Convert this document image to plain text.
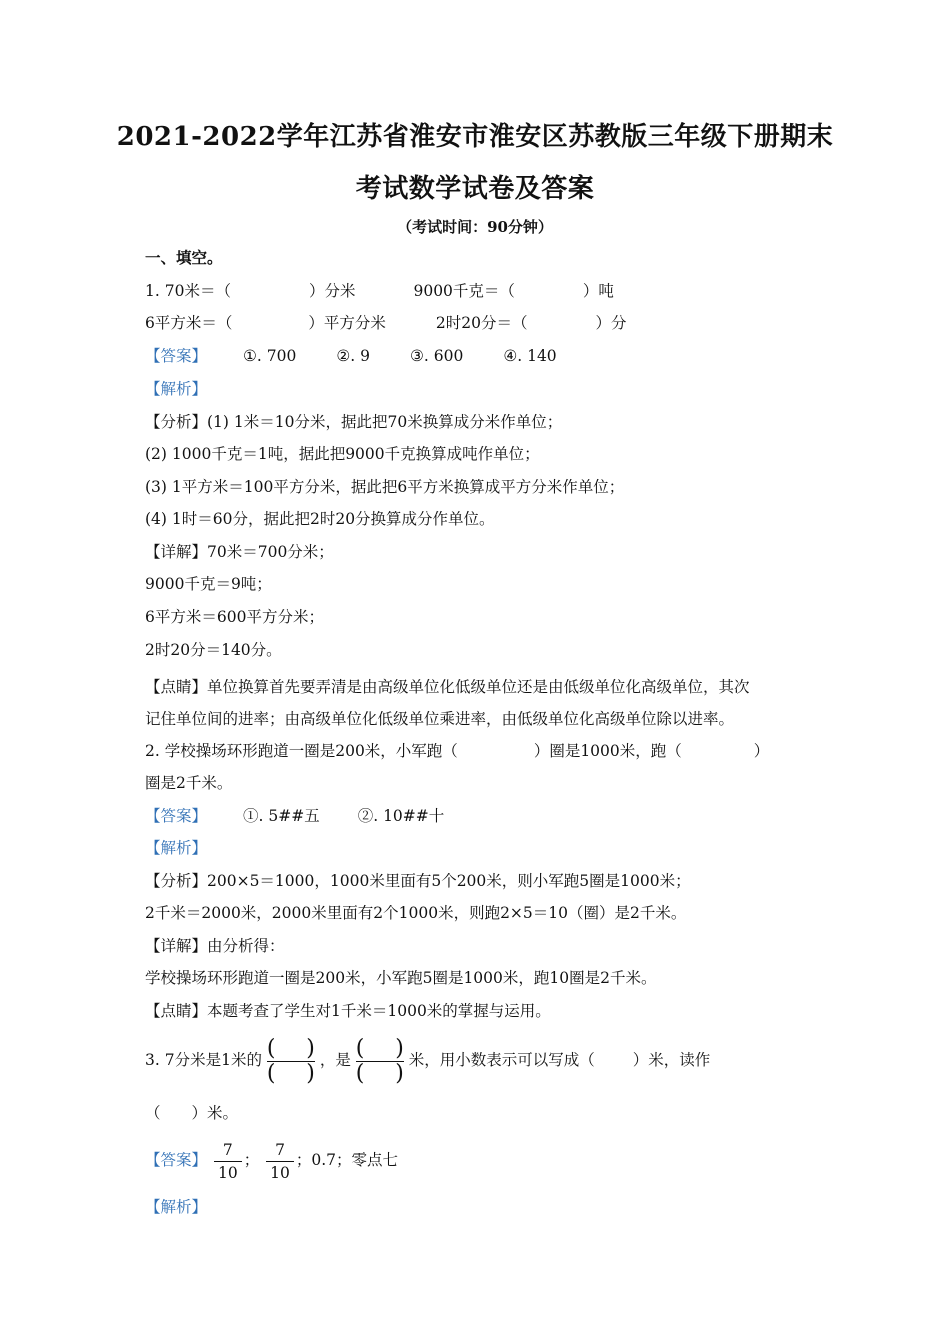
2021-2022学年江苏省淮安市淮安区苏教版三年级下册期末
考试数学试卷及答案
（考试时间：90分钟）
一、填空。
1. 70米＝（	）分米	9000千克＝（	）吨
6平方米＝（	）平方分米	2时20分＝（	）分
【答案】 ①. 700	②. 9	③. 600	④. 140
【解析】
【分析】(1) 1米＝10分米，据此把70米换算成分米作单位；
(2) 1000千克＝1吨，据此把9000千克换算成吨作单位；
(3) 1平方米＝100平方分米，据此把6平方米换算成平方分米作单位；
(4) 1时＝60分，据此把2时20分换算成分作单位。
【详解】70米＝700分米；
9000千克＝9吨；
6平方米＝600平方分米；
2时20分＝140分。
【点睛】单位换算首先要弄清是由高级单位化低级单位还是由低级单位化高级单位，其次
记住单位间的进率；由高级单位化低级单位乘进率，由低级单位化高级单位除以进率。
2. 学校操场环形跑道一圈是200米，小军跑（	）圈是1000米，跑（	）
圈是2千米。
【答案】 ①. 5##五 ②. 10##十
【解析】
【分析】200×5＝1000，1000米里面有5个200米，则小军跑5圈是1000米；
2千米＝2000米，2000米里面有2个1000米，则跑2×5＝10（圈）是2千米。
【详解】由分析得：
学校操场环形跑道一圈是200米，小军跑5圈是1000米，跑10圈是2千米。
【点睛】本题考查了学生对1千米＝1000米的掌握与运用。
3. 7分米是1米的 ( )
( )
，是 ( )
( )
米，用小数表示可以写成（ ）米，读作
（　　）米。
【答案】 $\frac{7}{10}$ ； $\frac{7}{10}$ ；0.7；零点七
【解析】
